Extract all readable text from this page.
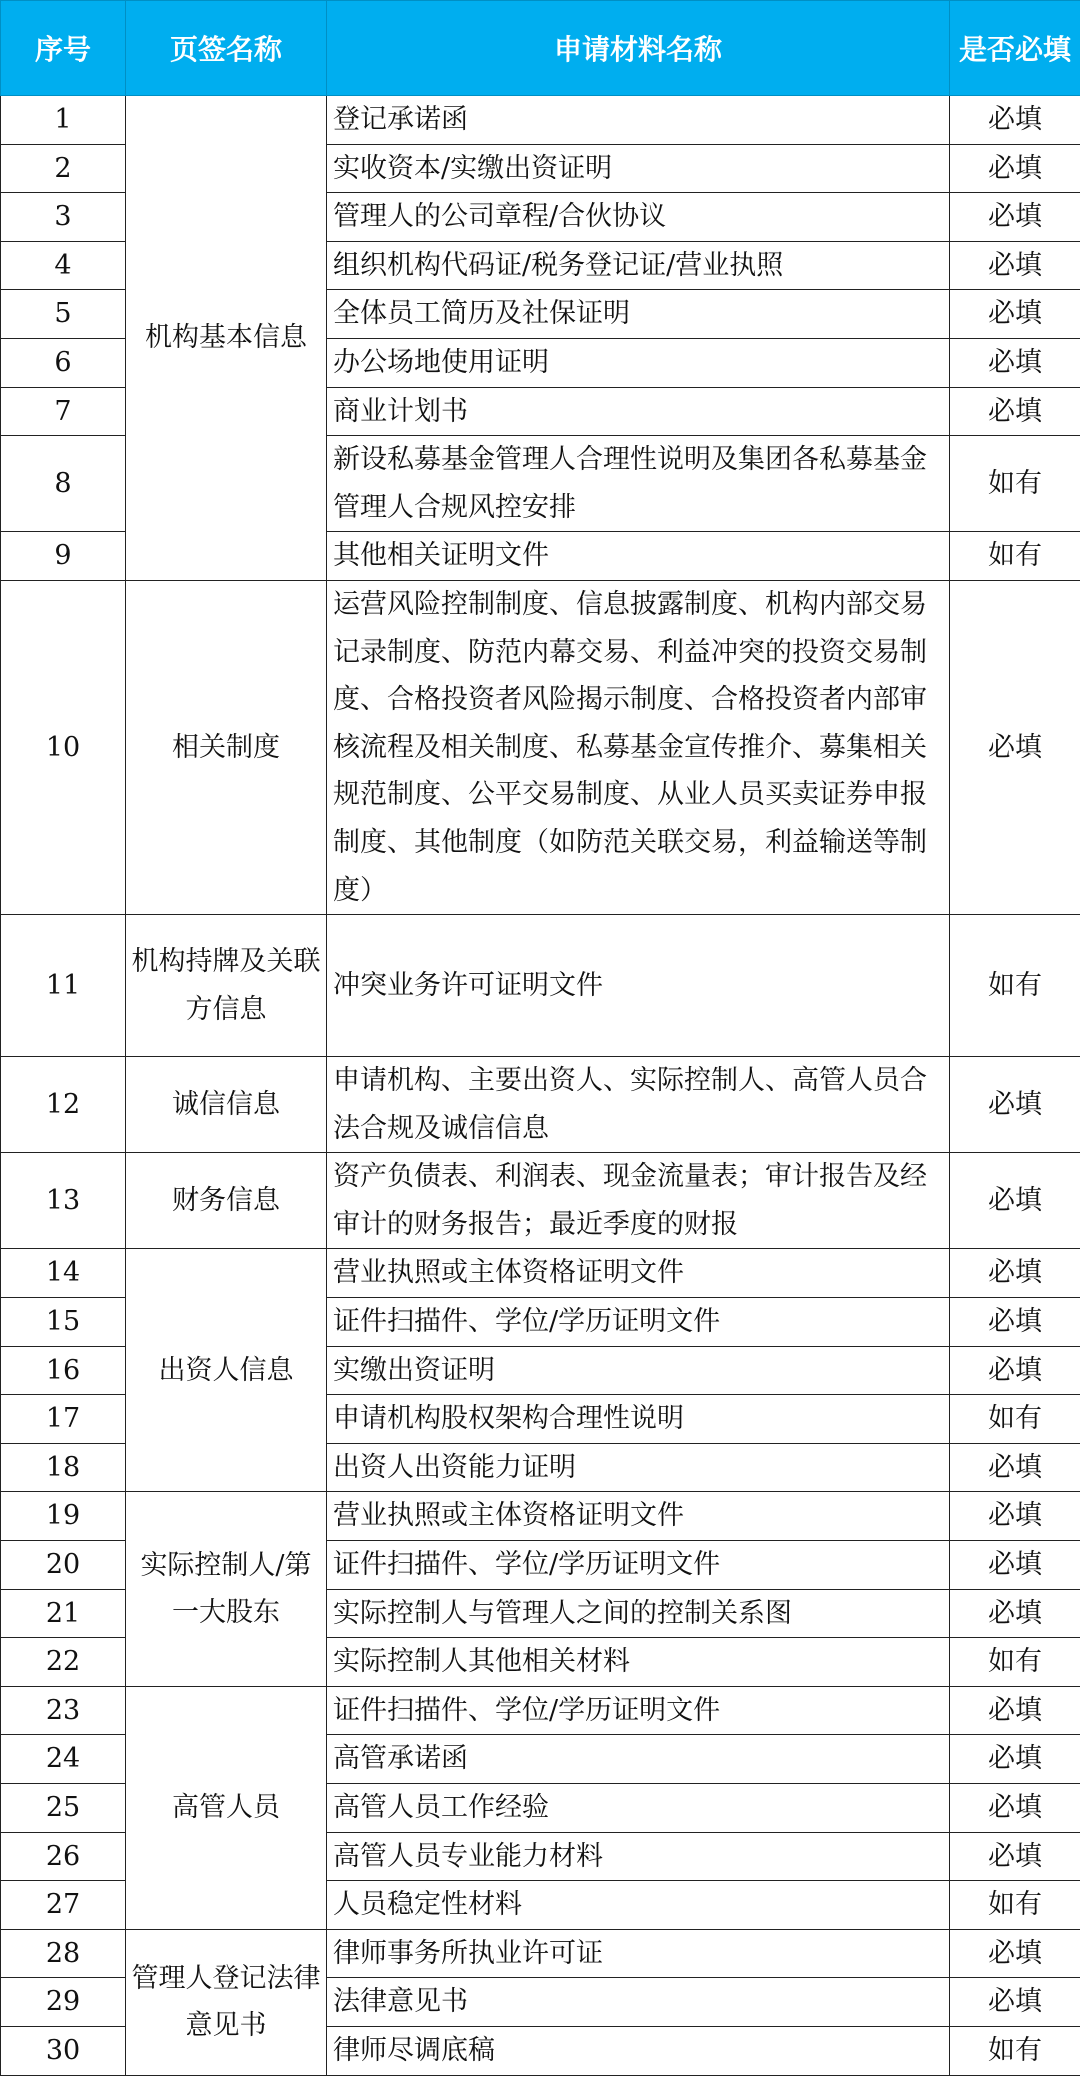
序号	页签名称	申请材料名称	是否必填
1	机构基本信息	登记承诺函	必填
2		实收资本/实缴出资证明	必填
3		管理人的公司章程/合伙协议	必填
4		组织机构代码证/税务登记证/营业执照	必填
5		全体员工简历及社保证明	必填
6		办公场地使用证明	必填
7		商业计划书	必填
8		新设私募基金管理人合理性说明及集团各私募基金管理人合规风控安排	如有
9		其他相关证明文件	如有
10	相关制度	运营风险控制制度、信息披露制度、机构内部交易记录制度、防范内幕交易、利益冲突的投资交易制度、合格投资者风险揭示制度、合格投资者内部审核流程及相关制度、私募基金宣传推介、募集相关规范制度、公平交易制度、从业人员买卖证券申报制度、其他制度（如防范关联交易，利益输送等制度）	必填
11	机构持牌及关联方信息	冲突业务许可证明文件	如有
12	诚信信息	申请机构、主要出资人、实际控制人、高管人员合法合规及诚信信息	必填
13	财务信息	资产负债表、利润表、现金流量表；审计报告及经审计的财务报告；最近季度的财报	必填
14	出资人信息	营业执照或主体资格证明文件	必填
15		证件扫描件、学位/学历证明文件	必填
16		实缴出资证明	必填
17		申请机构股权架构合理性说明	如有
18		出资人出资能力证明	必填
19	实际控制人/第一大股东	营业执照或主体资格证明文件	必填
20		证件扫描件、学位/学历证明文件	必填
21		实际控制人与管理人之间的控制关系图	必填
22		实际控制人其他相关材料	如有
23	高管人员	证件扫描件、学位/学历证明文件	必填
24		高管承诺函	必填
25		高管人员工作经验	必填
26		高管人员专业能力材料	必填
27		人员稳定性材料	如有
28	管理人登记法律意见书	律师事务所执业许可证	必填
29		法律意见书	必填
30		律师尽调底稿	如有
